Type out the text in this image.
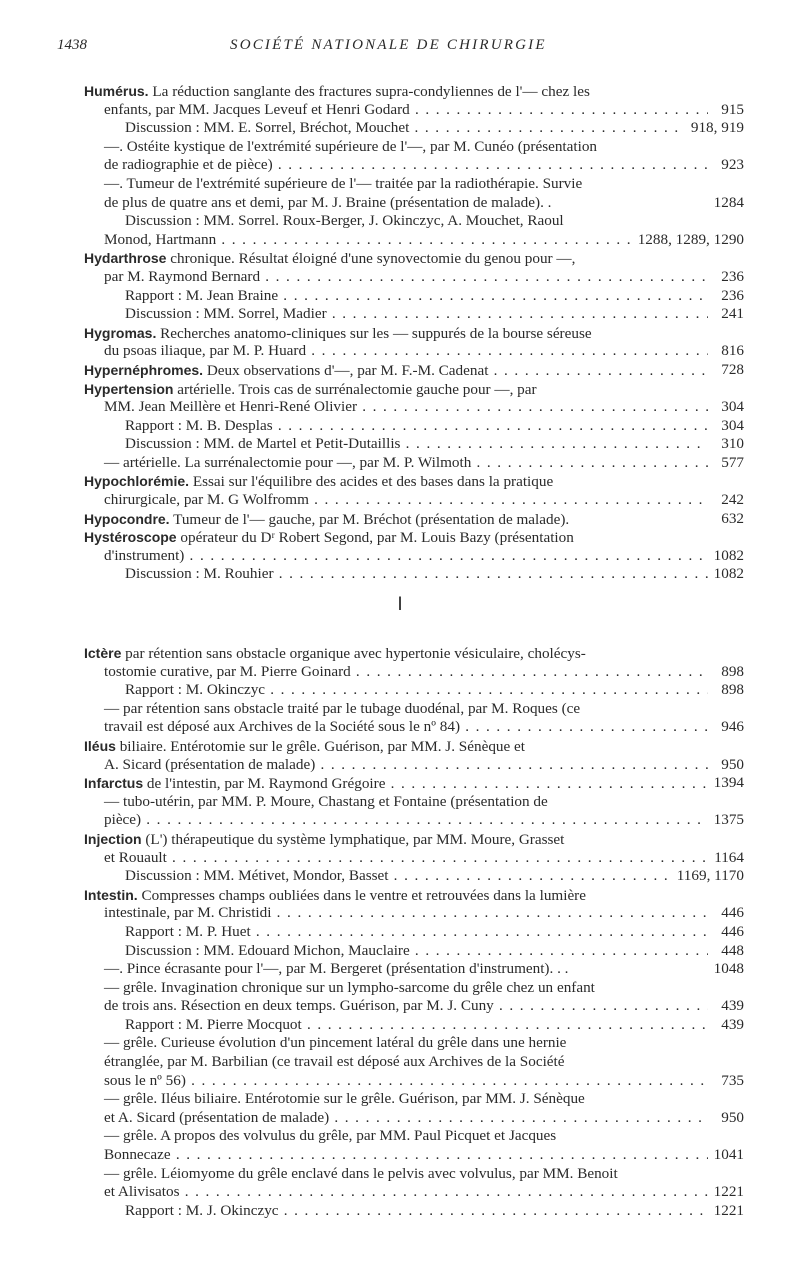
1438	SOCIÉTÉ NATIONALE DE CHIRURGIE
Humérus. La réduction sanglante des fractures supra-condyliennes de l'— chez les
enfants, par MM. Jacques Leveuf et Henri Godard . . .	915
Discussion : MM. E. Sorrel, Bréchot, Mouchet . . .	918, 919
—. Ostéite kystique de l'extrémité supérieure de l'—, par M. Cunéo (présentation
de radiographie et de pièce) . . .	923
—. Tumeur de l'extrémité supérieure de l'— traitée par la radiothérapie. Survie
de plus de quatre ans et demi, par M. J. Braine (présentation de malade). .	1284
Discussion : MM. Sorrel. Roux-Berger, J. Okinczyc, A. Mouchet, Raoul
Monod, Hartmann . . .	1288, 1289, 1290
Hydarthrose chronique. Résultat éloigné d'une synovectomie du genou pour —,
par M. Raymond Bernard . . .	236
Rapport : M. Jean Braine . . .	236
Discussion : MM. Sorrel, Madier . . .	241
Hygromas. Recherches anatomo-cliniques sur les — suppurés de la bourse séreuse
du psoas iliaque, par M. P. Huard . . .	816
Hypernéphromes. Deux observations d'—, par M. F.-M. Cadenat . . .	728
Hypertension artérielle. Trois cas de surrénalectomie gauche pour —, par
MM. Jean Meillère et Henri-René Olivier . . .	304
Rapport : M. B. Desplas . . .	304
Discussion : MM. de Martel et Petit-Dutaillis . . .	310
— artérielle. La surrénalectomie pour —, par M. P. Wilmoth . . .	577
Hypochlorémie. Essai sur l'équilibre des acides et des bases dans la pratique
chirurgicale, par M. G Wolfromm . . .	242
Hypocondre. Tumeur de l'— gauche, par M. Bréchot (présentation de malade).	632
Hystéroscope opérateur du Dʳ Robert Segond, par M. Louis Bazy (présentation
d'instrument) . . .	1082
Discussion : M. Rouhier . . .	1082
I
Ictère par rétention sans obstacle organique avec hypertonie vésiculaire, cholécys-
tostomie curative, par M. Pierre Goinard . . .	898
Rapport : M. Okinczyc . . .	898
— par rétention sans obstacle traité par le tubage duodénal, par M. Roques (ce
travail est déposé aux Archives de la Société sous le nº 84) . . .	946
Iléus biliaire. Entérotomie sur le grêle. Guérison, par MM. J. Sénèque et
A. Sicard (présentation de malade) . . .	950
Infarctus de l'intestin, par M. Raymond Grégoire . . .	1394
— tubo-utérin, par MM. P. Moure, Chastang et Fontaine (présentation de
pièce) . . .	1375
Injection (L') thérapeutique du système lymphatique, par MM. Moure, Grasset
et Rouault . . .	1164
Discussion : MM. Métivet, Mondor, Basset . . .	1169, 1170
Intestin. Compresses champs oubliées dans le ventre et retrouvées dans la lumière
intestinale, par M. Christidi . . .	446
Rapport : M. P. Huet . . .	446
Discussion : MM. Edouard Michon, Mauclaire . . .	448
—. Pince écrasante pour l'—, par M. Bergeret (présentation d'instrument). . .	1048
— grêle. Invagination chronique sur un lympho-sarcome du grêle chez un enfant
de trois ans. Résection en deux temps. Guérison, par M. J. Cuny . . .	439
Rapport : M. Pierre Mocquot . . .	439
— grêle. Curieuse évolution d'un pincement latéral du grêle dans une hernie
étranglée, par M. Barbilian (ce travail est déposé aux Archives de la Société
sous le nº 56) . . .	735
— grêle. Iléus biliaire. Entérotomie sur le grêle. Guérison, par MM. J. Sénèque
et A. Sicard (présentation de malade) . . .	950
— grêle. A propos des volvulus du grêle, par MM. Paul Picquet et Jacques
Bonnecaze . . .	1041
— grêle. Léiomyome du grêle enclavé dans le pelvis avec volvulus, par MM. Benoit
et Alivisatos . . .	1221
Rapport : M. J. Okinczyc . . .	1221
